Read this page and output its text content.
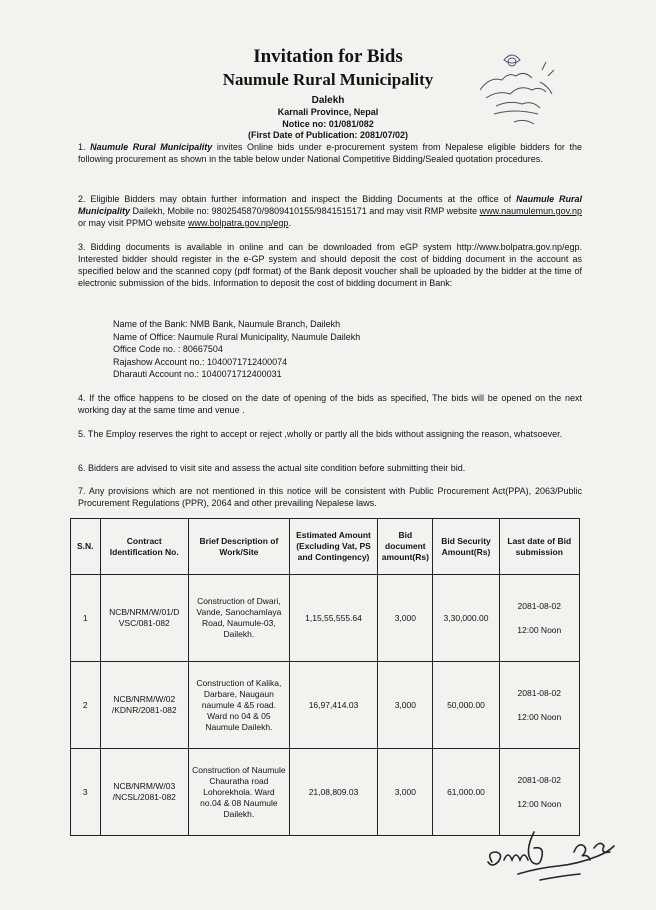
Invitation for Bids
Naumule Rural Municipality
Dalekh
Karnali Province, Nepal
Notice no: 01/081/082
(First Date of Publication: 2081/07/02)
1. Naumule Rural Municipality invites Online bids under e-procurement system from Nepalese eligible bidders for the following procurement as shown in the table below under National Competitive Bidding/Sealed quotation procedures.
2. Eligible Bidders may obtain further information and inspect the Bidding Documents at the office of Naumule Rural Municipality Dailekh, Mobile no: 9802545870/9809410155/9841515171 and may visit RMP website www.naumulemun.gov.np or may visit PPMO website www.bolpatra.gov.np/egp.
3. Bidding documents is available in online and can be downloaded from eGP system http://www.bolpatra.gov.np/egp. Interested bidder should register in the e-GP system and should deposit the cost of bidding document in the account as specified below and the scanned copy (pdf format) of the Bank deposit voucher shall be uploaded by the bidder at the time of electronic submission of the bids. Information to deposit the cost of bidding document in Bank:
Name of the Bank: NMB Bank, Naumule Branch, Dailekh
Name of Office: Naumule Rural Municipality, Naumule Dailekh
Office Code no. : 80667504
Rajashow Account no.: 1040071712400074
Dharauti Account no.: 1040071712400031
4. If the office happens to be closed on the date of opening of the bids as specified, The bids will be opened on the next working day at the same time and venue .
5. The Employ reserves the right to accept or reject ,wholly or partly all the bids without assigning the reason, whatsoever.
6. Bidders are advised to visit site and assess the actual site condition before submitting their bid.
7. Any provisions which are not mentioned in this notice will be consistent with Public Procurement Act(PPA), 2063/Public Procurement Regulations (PPR), 2064 and other prevailing Nepalese laws.
S.N.	Contract Identification No.	Brief Description of Work/Site	Estimated Amount (Excluding Vat, PS and Contingency)	Bid document amount(Rs)	Bid Security Amount(Rs)	Last date of Bid submission
1	NCB/NRM/W/01/D VSC/081-082	Construction of Dwari, Vande, Sanochamlaya Road, Naumule-03, Dailekh.	1,15,55,555.64	3,000	3,30,000.00	2081-08-02
12:00 Noon
2	NCB/NRM/W/02 /KDNR/2081-082	Construction of Kalika, Darbare, Naugaun naumule 4 &5 road. Ward no 04 & 05 Naumule Dailekh.	16,97,414.03	3,000	50,000.00	2081-08-02
12:00 Noon
3	NCB/NRM/W/03 /NCSL/2081-082	Construction of Naumule Chauratha road Lohorekhola. Ward no.04 & 08 Naumule Dailekh.	21,08,809.03	3,000	61,000.00	2081-08-02
12:00 Noon
